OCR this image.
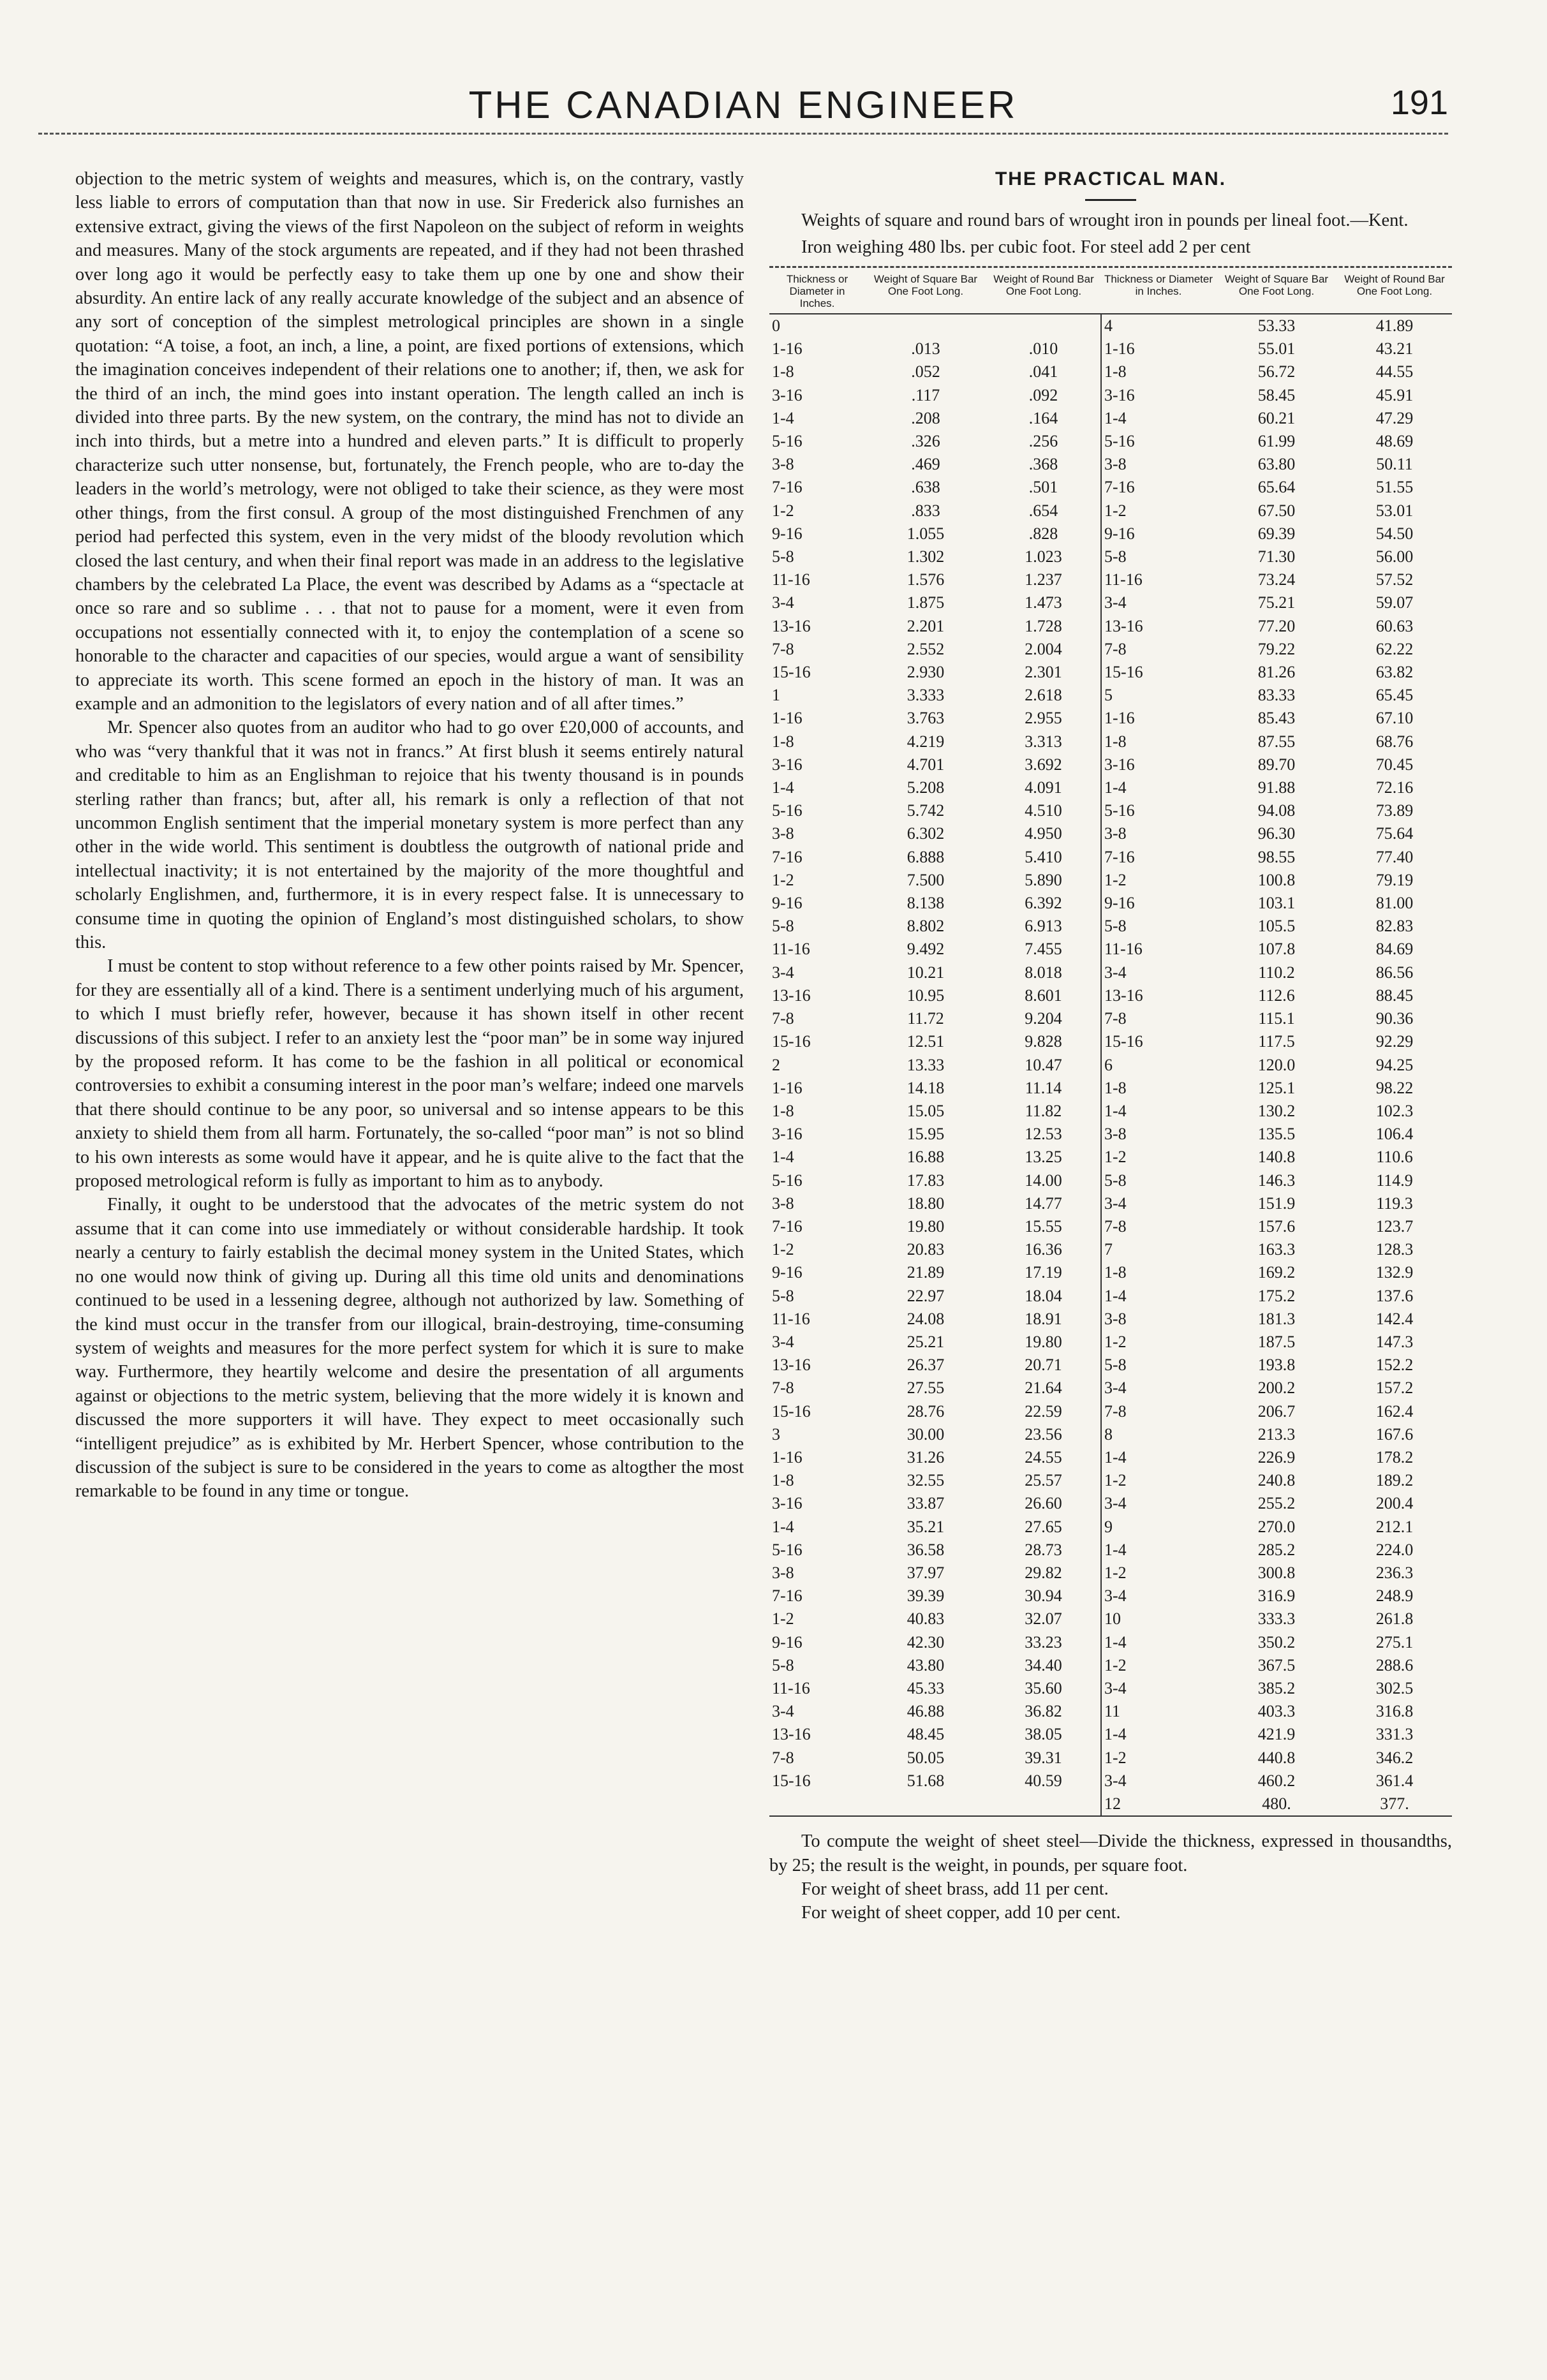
THE CANADIAN ENGINEER	191

objection to the metric system of weights and measures, which is, on the contrary, vastly less liable to errors of computation than that now in use. Sir Frederick also furnishes an extensive extract, giving the views of the first Napoleon on the subject of reform in weights and measures. Many of the stock arguments are repeated, and if they had not been thrashed over long ago it would be perfectly easy to take them up one by one and show their absurdity. An entire lack of any really accurate knowledge of the subject and an absence of any sort of conception of the simplest metrological principles are shown in a single quotation: “A toise, a foot, an inch, a line, a point, are fixed portions of extensions, which the imagination conceives independent of their relations one to another; if, then, we ask for the third of an inch, the mind goes into instant operation. The length called an inch is divided into three parts. By the new system, on the contrary, the mind has not to divide an inch into thirds, but a metre into a hundred and eleven parts.” It is difficult to properly characterize such utter nonsense, but, fortunately, the French people, who are to-day the leaders in the world’s metrology, were not obliged to take their science, as they were most other things, from the first consul. A group of the most distinguished Frenchmen of any period had perfected this system, even in the very midst of the bloody revolution which closed the last century, and when their final report was made in an address to the legislative chambers by the celebrated La Place, the event was described by Adams as a “spectacle at once so rare and so sublime . . . that not to pause for a moment, were it even from occupations not essentially connected with it, to enjoy the contemplation of a scene so honorable to the character and capacities of our species, would argue a want of sensibility to appreciate its worth. This scene formed an epoch in the history of man. It was an example and an admonition to the legislators of every nation and of all after times.”

Mr. Spencer also quotes from an auditor who had to go over £20,000 of accounts, and who was “very thankful that it was not in francs.” At first blush it seems entirely natural and creditable to him as an Englishman to rejoice that his twenty thousand is in pounds sterling rather than francs; but, after all, his remark is only a reflection of that not uncommon English sentiment that the imperial monetary system is more perfect than any other in the wide world. This sentiment is doubtless the outgrowth of national pride and intellectual inactivity; it is not entertained by the majority of the more thoughtful and scholarly Englishmen, and, furthermore, it is in every respect false. It is unnecessary to consume time in quoting the opinion of England’s most distinguished scholars, to show this.

I must be content to stop without reference to a few other points raised by Mr. Spencer, for they are essentially all of a kind. There is a sentiment underlying much of his argument, to which I must briefly refer, however, because it has shown itself in other recent discussions of this subject. I refer to an anxiety lest the “poor man” be in some way injured by the proposed reform. It has come to be the fashion in all political or economical controversies to exhibit a consuming interest in the poor man’s welfare; indeed one marvels that there should continue to be any poor, so universal and so intense appears to be this anxiety to shield them from all harm. Fortunately, the so-called “poor man” is not so blind to his own interests as some would have it appear, and he is quite alive to the fact that the proposed metrological reform is fully as important to him as to anybody.

Finally, it ought to be understood that the advocates of the metric system do not assume that it can come into use immediately or without considerable hardship. It took nearly a century to fairly establish the decimal money system in the United States, which no one would now think of giving up. During all this time old units and denominations continued to be used in a lessening degree, although not authorized by law. Something of the kind must occur in the transfer from our illogical, brain-destroying, time-consuming system of weights and measures for the more perfect system for which it is sure to make way. Furthermore, they heartily welcome and desire the presentation of all arguments against or objections to the metric system, believing that the more widely it is known and discussed the more supporters it will have. They expect to meet occasionally such “intelligent prejudice” as is exhibited by Mr. Herbert Spencer, whose contribution to the discussion of the subject is sure to be considered in the years to come as altogther the most remarkable to be found in any time or tongue.

THE PRACTICAL MAN.

Weights of square and round bars of wrought iron in pounds per lineal foot.—Kent.

Iron weighing 480 lbs. per cubic foot. For steel add 2 per cent

Thickness or Diameter in Inches.	Weight of Square Bar One Foot Long.	Weight of Round Bar One Foot Long.	Thickness or Diameter in Inches.	Weight of Square Bar One Foot Long.	Weight of Round Bar One Foot Long.
0			4	53.33	41.89
1-16	.013	.010	1-16	55.01	43.21
1-8	.052	.041	1-8	56.72	44.55
3-16	.117	.092	3-16	58.45	45.91
1-4	.208	.164	1-4	60.21	47.29
5-16	.326	.256	5-16	61.99	48.69
3-8	.469	.368	3-8	63.80	50.11
7-16	.638	.501	7-16	65.64	51.55
1-2	.833	.654	1-2	67.50	53.01
9-16	1.055	.828	9-16	69.39	54.50
5-8	1.302	1.023	5-8	71.30	56.00
11-16	1.576	1.237	11-16	73.24	57.52
3-4	1.875	1.473	3-4	75.21	59.07
13-16	2.201	1.728	13-16	77.20	60.63
7-8	2.552	2.004	7-8	79.22	62.22
15-16	2.930	2.301	15-16	81.26	63.82
1	3.333	2.618	5	83.33	65.45
1-16	3.763	2.955	1-16	85.43	67.10
1-8	4.219	3.313	1-8	87.55	68.76
3-16	4.701	3.692	3-16	89.70	70.45
1-4	5.208	4.091	1-4	91.88	72.16
5-16	5.742	4.510	5-16	94.08	73.89
3-8	6.302	4.950	3-8	96.30	75.64
7-16	6.888	5.410	7-16	98.55	77.40
1-2	7.500	5.890	1-2	100.8	79.19
9-16	8.138	6.392	9-16	103.1	81.00
5-8	8.802	6.913	5-8	105.5	82.83
11-16	9.492	7.455	11-16	107.8	84.69
3-4	10.21	8.018	3-4	110.2	86.56
13-16	10.95	8.601	13-16	112.6	88.45
7-8	11.72	9.204	7-8	115.1	90.36
15-16	12.51	9.828	15-16	117.5	92.29
2	13.33	10.47	6	120.0	94.25
1-16	14.18	11.14	1-8	125.1	98.22
1-8	15.05	11.82	1-4	130.2	102.3
3-16	15.95	12.53	3-8	135.5	106.4
1-4	16.88	13.25	1-2	140.8	110.6
5-16	17.83	14.00	5-8	146.3	114.9
3-8	18.80	14.77	3-4	151.9	119.3
7-16	19.80	15.55	7-8	157.6	123.7
1-2	20.83	16.36	7	163.3	128.3
9-16	21.89	17.19	1-8	169.2	132.9
5-8	22.97	18.04	1-4	175.2	137.6
11-16	24.08	18.91	3-8	181.3	142.4
3-4	25.21	19.80	1-2	187.5	147.3
13-16	26.37	20.71	5-8	193.8	152.2
7-8	27.55	21.64	3-4	200.2	157.2
15-16	28.76	22.59	7-8	206.7	162.4
3	30.00	23.56	8	213.3	167.6
1-16	31.26	24.55	1-4	226.9	178.2
1-8	32.55	25.57	1-2	240.8	189.2
3-16	33.87	26.60	3-4	255.2	200.4
1-4	35.21	27.65	9	270.0	212.1
5-16	36.58	28.73	1-4	285.2	224.0
3-8	37.97	29.82	1-2	300.8	236.3
7-16	39.39	30.94	3-4	316.9	248.9
1-2	40.83	32.07	10	333.3	261.8
9-16	42.30	33.23	1-4	350.2	275.1
5-8	43.80	34.40	1-2	367.5	288.6
11-16	45.33	35.60	3-4	385.2	302.5
3-4	46.88	36.82	11	403.3	316.8
13-16	48.45	38.05	1-4	421.9	331.3
7-8	50.05	39.31	1-2	440.8	346.2
15-16	51.68	40.59	3-4	460.2	361.4
			12	480.	377.

To compute the weight of sheet steel—Divide the thickness, expressed in thousandths, by 25; the result is the weight, in pounds, per square foot.

For weight of sheet brass, add 11 per cent.

For weight of sheet copper, add 10 per cent.
